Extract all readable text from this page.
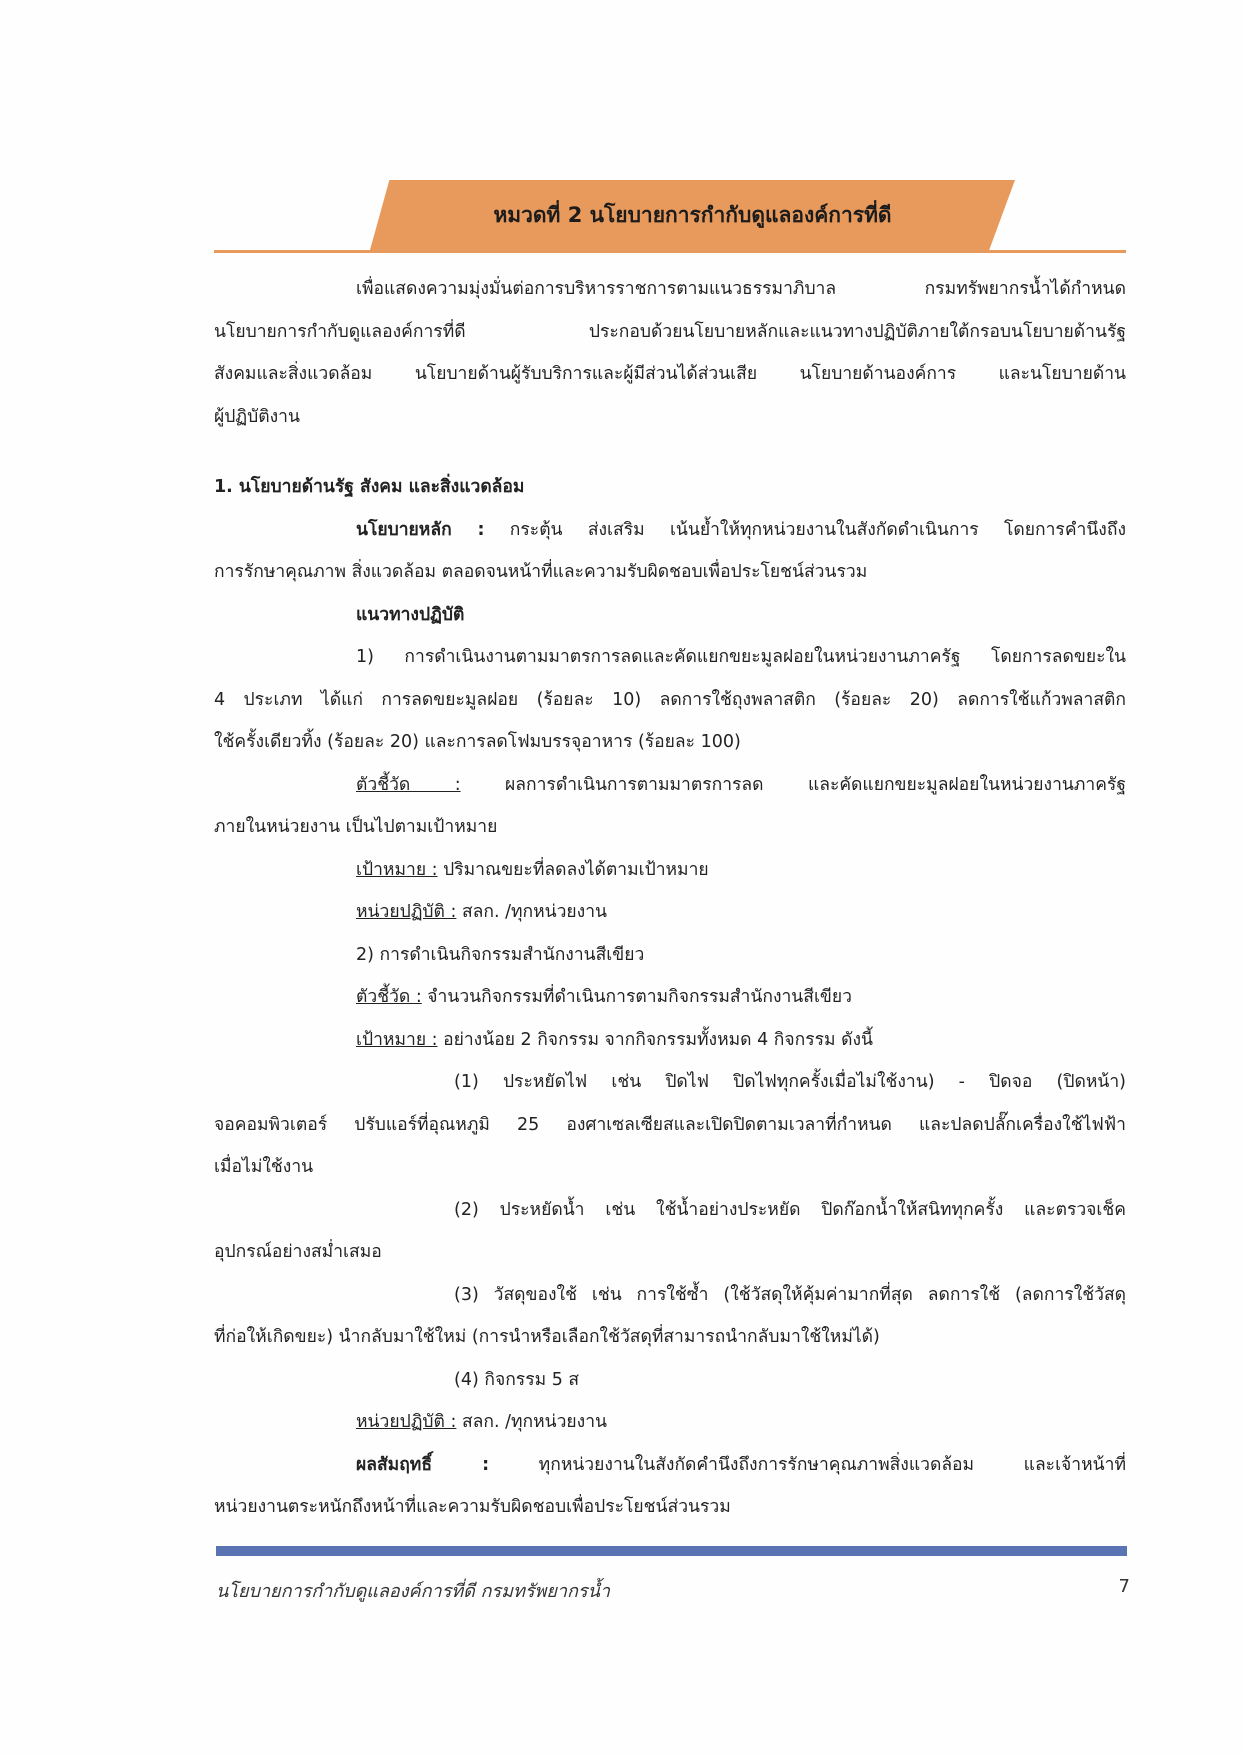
หมวดที่ 2 นโยบายการกำกับดูแลองค์การที่ดี
เพื่อแสดงความมุ่งมั่นต่อการบริหารราชการตามแนวธรรมาภิบาล กรมทรัพยากรน้ำได้กำหนด
นโยบายการกำกับดูแลองค์การที่ดี ประกอบด้วยนโยบายหลักและแนวทางปฏิบัติภายใต้กรอบนโยบายด้านรัฐ
สังคมและสิ่งแวดล้อม นโยบายด้านผู้รับบริการและผู้มีส่วนได้ส่วนเสีย นโยบายด้านองค์การ และนโยบายด้าน
ผู้ปฏิบัติงาน
1. นโยบายด้านรัฐ สังคม และสิ่งแวดล้อม
นโยบายหลัก : กระตุ้น ส่งเสริม เน้นย้ำให้ทุกหน่วยงานในสังกัดดำเนินการ โดยการคำนึงถึง
การรักษาคุณภาพ สิ่งแวดล้อม ตลอดจนหน้าที่และความรับผิดชอบเพื่อประโยชน์ส่วนรวม
แนวทางปฏิบัติ
1) การดำเนินงานตามมาตรการลดและคัดแยกขยะมูลฝอยในหน่วยงานภาครัฐ โดยการลดขยะใน
4 ประเภท ได้แก่ การลดขยะมูลฝอย (ร้อยละ 10) ลดการใช้ถุงพลาสติก (ร้อยละ 20) ลดการใช้แก้วพลาสติก
ใช้ครั้งเดียวทิ้ง (ร้อยละ 20) และการลดโฟมบรรจุอาหาร (ร้อยละ 100)
ตัวชี้วัด : ผลการดำเนินการตามมาตรการลด และคัดแยกขยะมูลฝอยในหน่วยงานภาครัฐ
ภายในหน่วยงาน เป็นไปตามเป้าหมาย
เป้าหมาย : ปริมาณขยะที่ลดลงได้ตามเป้าหมาย
หน่วยปฏิบัติ : สลก. /ทุกหน่วยงาน
2) การดำเนินกิจกรรมสำนักงานสีเขียว
ตัวชี้วัด : จำนวนกิจกรรมที่ดำเนินการตามกิจกรรมสำนักงานสีเขียว
เป้าหมาย : อย่างน้อย 2 กิจกรรม จากกิจกรรมทั้งหมด 4 กิจกรรม ดังนี้
(1) ประหยัดไฟ เช่น ปิดไฟ ปิดไฟทุกครั้งเมื่อไม่ใช้งาน) - ปิดจอ (ปิดหน้า)
จอคอมพิวเตอร์ ปรับแอร์ที่อุณหภูมิ 25 องศาเซลเซียสและเปิดปิดตามเวลาที่กำหนด และปลดปลั๊กเครื่องใช้ไฟฟ้า
เมื่อไม่ใช้งาน
(2) ประหยัดน้ำ เช่น ใช้น้ำอย่างประหยัด ปิดก๊อกน้ำให้สนิททุกครั้ง และตรวจเช็ค
อุปกรณ์อย่างสม่ำเสมอ
(3) วัสดุของใช้ เช่น การใช้ซ้ำ (ใช้วัสดุให้คุ้มค่ามากที่สุด ลดการใช้ (ลดการใช้วัสดุ
ที่ก่อให้เกิดขยะ) นำกลับมาใช้ใหม่ (การนำหรือเลือกใช้วัสดุที่สามารถนำกลับมาใช้ใหม่ได้)
(4) กิจกรรม 5 ส
หน่วยปฏิบัติ : สลก. /ทุกหน่วยงาน
ผลสัมฤทธิ์ : ทุกหน่วยงานในสังกัดคำนึงถึงการรักษาคุณภาพสิ่งแวดล้อม และเจ้าหน้าที่
หน่วยงานตระหนักถึงหน้าที่และความรับผิดชอบเพื่อประโยชน์ส่วนรวม
นโยบายการกำกับดูแลองค์การที่ดี กรมทรัพยากรน้ำ	7
